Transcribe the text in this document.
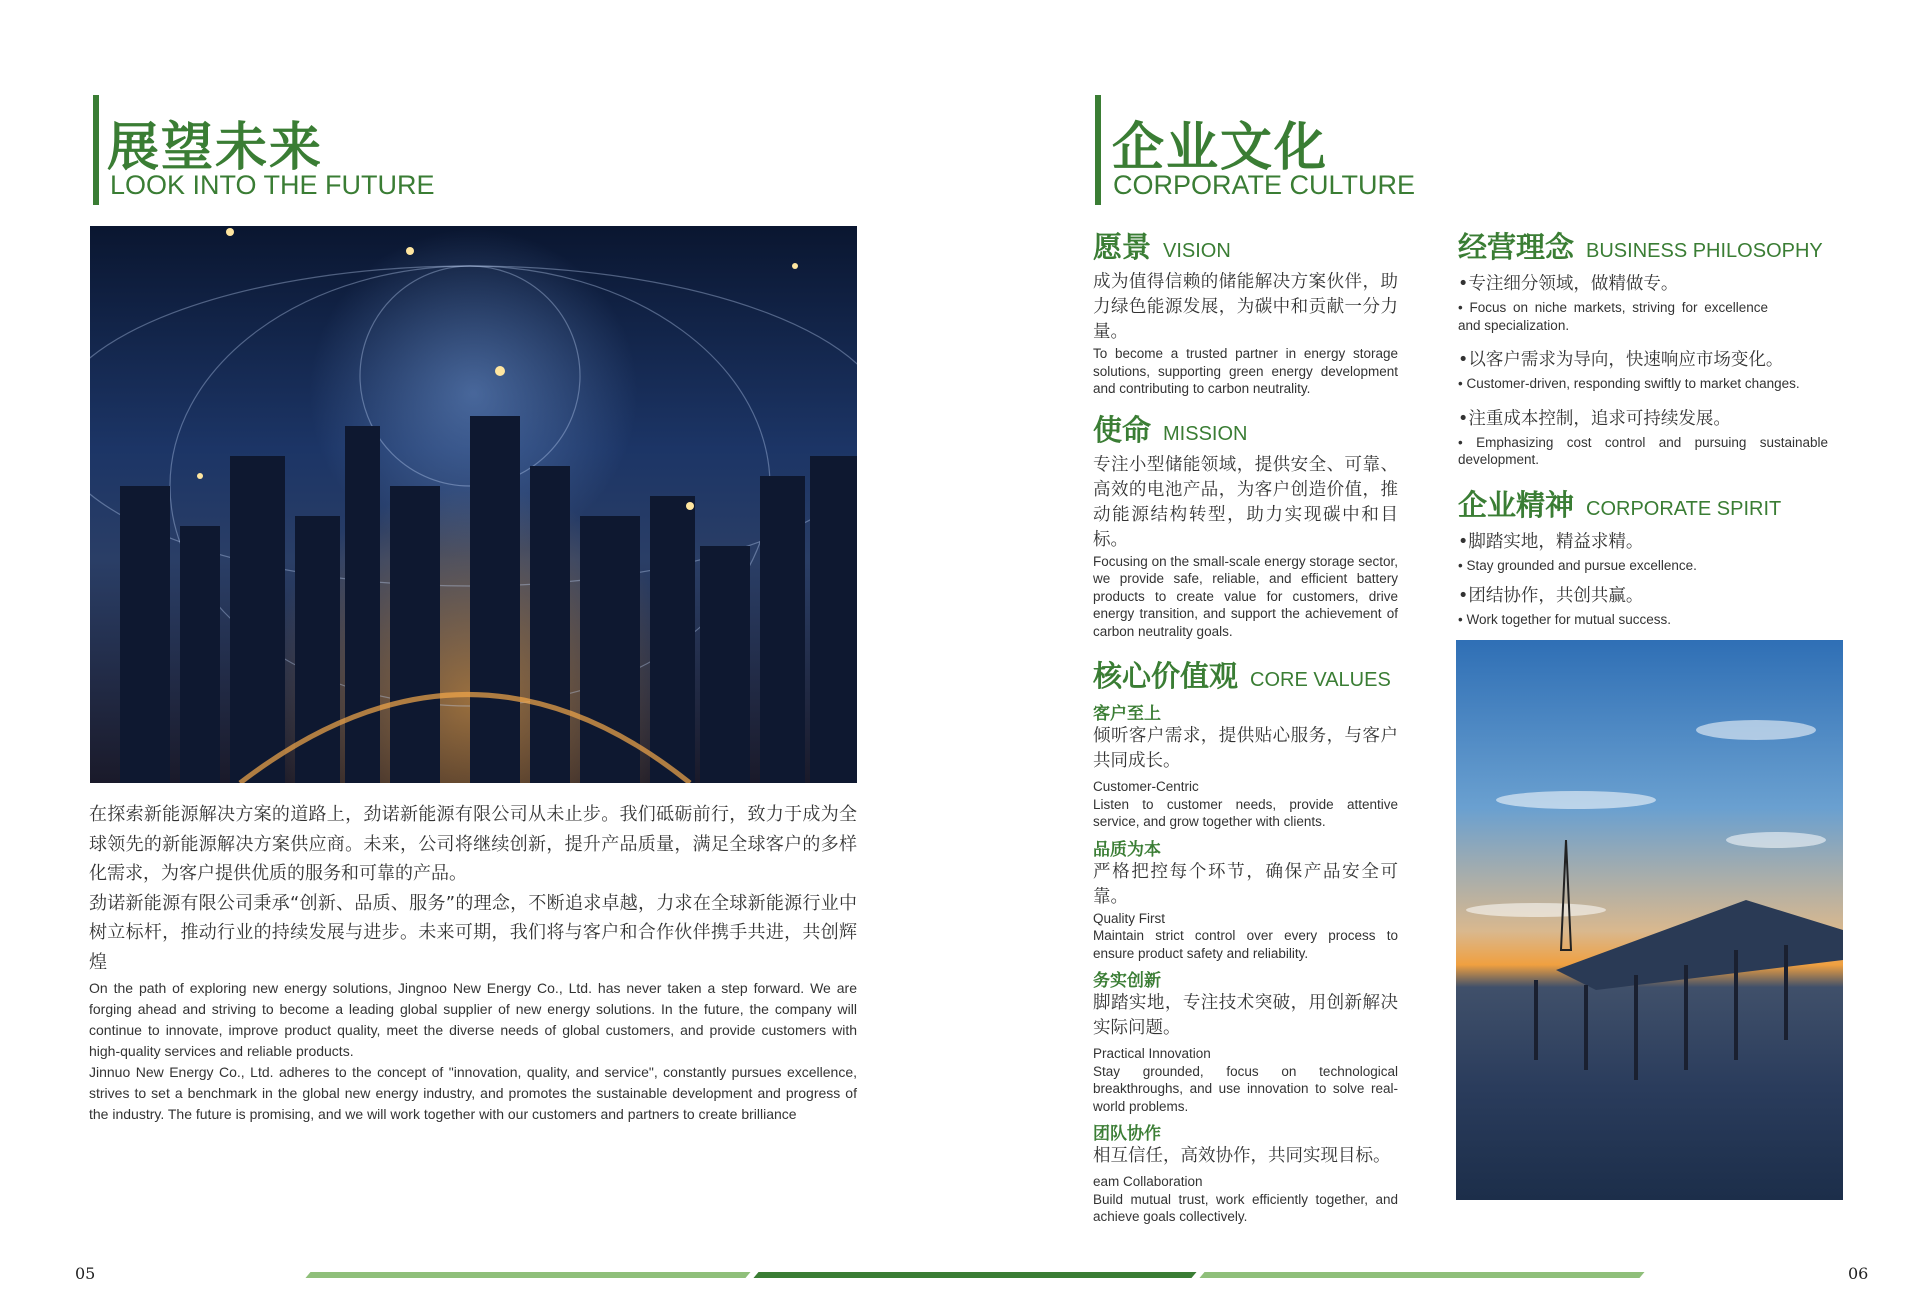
展望未来
LOOK INTO THE FUTURE

在探索新能源解决方案的道路上，劲诺新能源有限公司从未止步。我们砥砺前行，致力于成为全球领先的新能源解决方案供应商。未来，公司将继续创新，提升产品质量，满足全球客户的多样化需求，为客户提供优质的服务和可靠的产品。

劲诺新能源有限公司秉承“创新、品质、服务”的理念，不断追求卓越，力求在全球新能源行业中树立标杆，推动行业的持续发展与进步。未来可期，我们将与客户和合作伙伴携手共进，共创辉煌

On the path of exploring new energy solutions, Jingnoo New Energy Co., Ltd. has never taken a step forward. We are forging ahead and striving to become a leading global supplier of new energy solutions. In the future, the company will continue to innovate, improve product quality, meet the diverse needs of global customers, and provide customers with high-quality services and reliable products.

Jinnuo New Energy Co., Ltd. adheres to the concept of "innovation, quality, and service", constantly pursues excellence, strives to set a benchmark in the global new energy industry, and promotes the sustainable development and progress of the industry. The future is promising, and we will work together with our customers and partners to create brilliance

05	06
企业文化
CORPORATE CULTURE
愿景 VISION

成为值得信赖的储能解决方案伙伴，助力绿色能源发展，为碳中和贡献一分力量。

To become a trusted partner in energy storage solutions, supporting green energy development and contributing to carbon neutrality.

使命 MISSION

专注小型储能领域，提供安全、可靠、高效的电池产品，为客户创造价值，推动能源结构转型，助力实现碳中和目标。

Focusing on the small-scale energy storage sector, we provide safe, reliable, and efficient battery products to create value for customers, drive energy transition, and support the achievement of carbon neutrality goals.

核心价值观 CORE VALUES
客户至上

倾听客户需求，提供贴心服务，与客户共同成长。

Customer-Centric

Listen to customer needs, provide attentive service, and grow together with clients.

品质为本

严格把控每个环节，确保产品安全可靠。

Quality First

Maintain strict control over every process to ensure product safety and reliability.

务实创新

脚踏实地，专注技术突破，用创新解决实际问题。

Practical Innovation

Stay grounded, focus on technological breakthroughs, and use innovation to solve real-world problems.

团队协作

相互信任，高效协作，共同实现目标。

eam Collaboration

Build mutual trust, work efficiently together, and achieve goals collectively.

经营理念 BUSINESS PHILOSOPHY

•专注细分领域，做精做专。

• Focus on niche markets, striving for excellence and specialization.

•以客户需求为导向，快速响应市场变化。

• Customer-driven, responding swiftly to market changes.

•注重成本控制，追求可持续发展。

• Emphasizing cost control and pursuing sustainable development.

企业精神 CORPORATE SPIRIT

•脚踏实地，精益求精。

• Stay grounded and pursue excellence.

•团结协作，共创共赢。

• Work together for mutual success.
